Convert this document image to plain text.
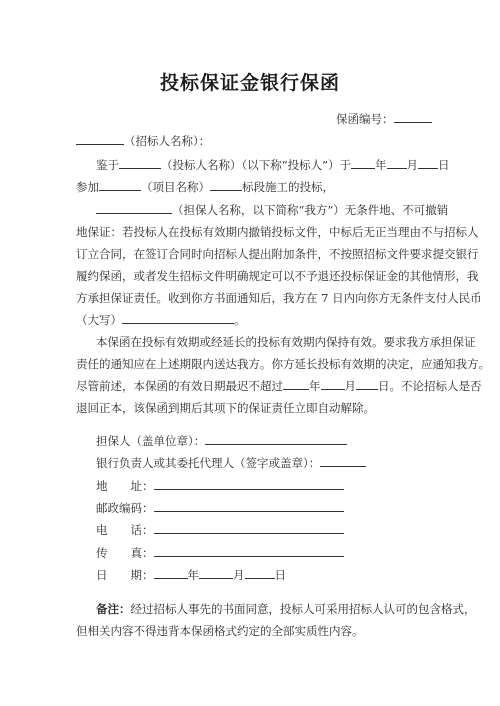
投标保证金银行保函
保函编号：
（招标人名称）：
鉴于	（投标人名称）（以下称“投标人”）于 年 月 日
参加	（项目名称）	标段施工的投标，
（担保人名称，以下简称“我方”）无条件地、不可撤销
地保证：若投标人在投标有效期内撤销投标文件，中标后无正当理由不与招标人
订立合同，在签订合同时向招标人提出附加条件，不按照招标文件要求提交银行
履约保函，或者发生招标文件明确规定可以不予退还投标保证金的其他情形，我
方承担保证责任。收到你方书面通知后，我方在 7 日内向你方无条件支付人民币
（大写）	。
本保函在投标有效期或经延长的投标有效期内保持有效。要求我方承担保证
责任的通知应在上述期限内送达我方。你方延长投标有效期的决定，应通知我方。
尽管前述，本保函的有效日期最迟不超过 年 月 日。不论招标人是否
退回正本，该保函到期后其项下的保证责任立即自动解除。
担保人（盖单位章）：
银行负责人或其委托代理人（签字或盖章）：
地　　址：
邮政编码：
电　　话：
传　　真：
日　　期：	年	月	日
备注：经过招标人事先的书面同意，投标人可采用招标人认可的包含格式，
但相关内容不得违背本保函格式约定的全部实质性内容。
